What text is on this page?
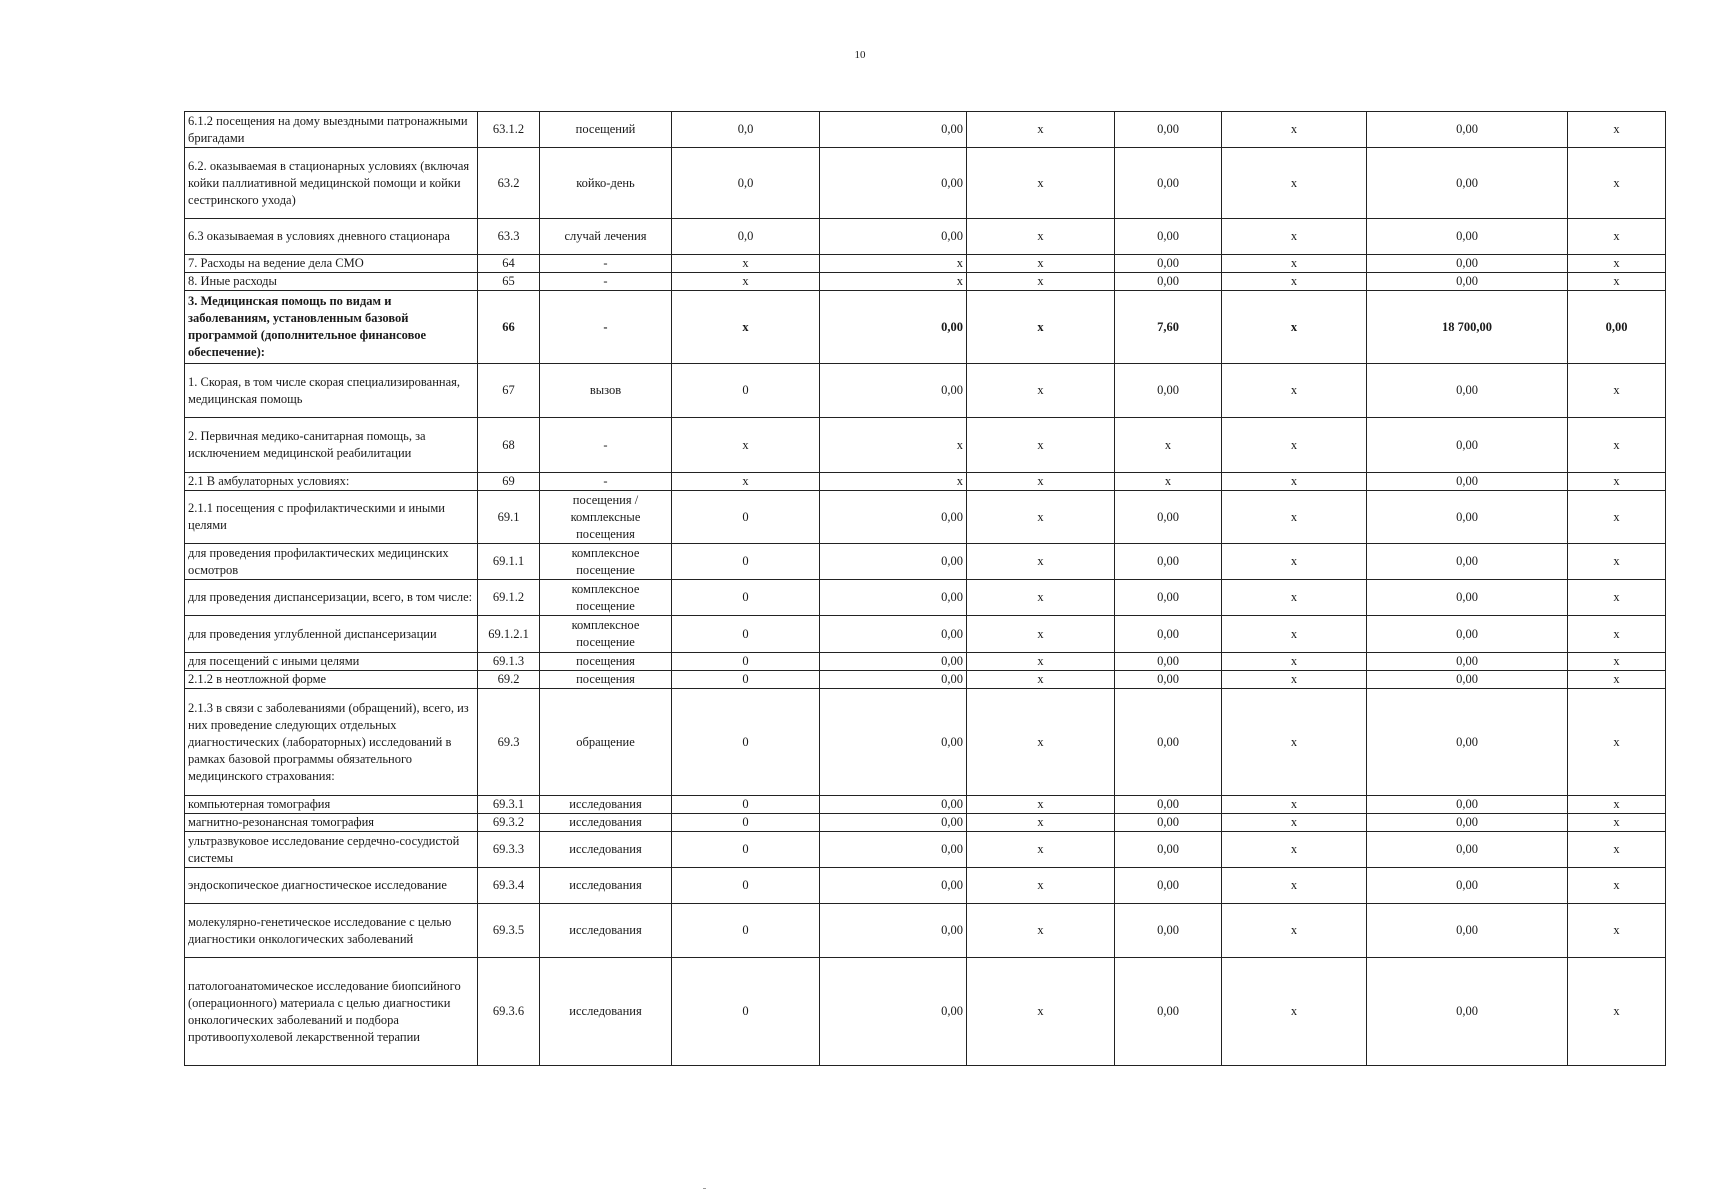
10
6.1.2 посещения на дому выездными патронажными бригадами	63.1.2	посещений	0,0	0,00	х	0,00	х	0,00	х
6.2. оказываемая в стационарных условиях (включая койки паллиативной медицинской помощи и койки сестринского ухода)	63.2	койко-день	0,0	0,00	х	0,00	х	0,00	х
6.3 оказываемая в условиях дневного стационара	63.3	случай лечения	0,0	0,00	х	0,00	х	0,00	х
7. Расходы на ведение дела СМО	64	-	х	х	х	0,00	х	0,00	х
8. Иные расходы	65	-	х	х	х	0,00	х	0,00	х
3. Медицинская помощь по видам и заболеваниям, установленным базовой программой (дополнительное финансовое обеспечение):	66	-	х	0,00	х	7,60	х	18 700,00	0,00
1. Скорая, в том числе скорая специализированная, медицинская помощь	67	вызов	0	0,00	х	0,00	х	0,00	х
2. Первичная медико-санитарная помощь, за исключением медицинской реабилитации	68	-	х	х	х	х	х	0,00	х
2.1 В амбулаторных условиях:	69	-	х	х	х	х	х	0,00	х
2.1.1 посещения с профилактическими и иными целями	69.1	посещения / комплексные посещения	0	0,00	х	0,00	х	0,00	х
для проведения профилактических медицинских осмотров	69.1.1	комплексное посещение	0	0,00	х	0,00	х	0,00	х
для проведения диспансеризации, всего, в том числе:	69.1.2	комплексное посещение	0	0,00	х	0,00	х	0,00	х
для проведения углубленной диспансеризации	69.1.2.1	комплексное посещение	0	0,00	х	0,00	х	0,00	х
для посещений с иными целями	69.1.3	посещения	0	0,00	х	0,00	х	0,00	х
2.1.2 в неотложной форме	69.2	посещения	0	0,00	х	0,00	х	0,00	х
2.1.3 в связи с заболеваниями (обращений), всего, из них проведение следующих отдельных диагностических (лабораторных) исследований в рамках базовой программы обязательного медицинского страхования:	69.3	обращение	0	0,00	х	0,00	х	0,00	х
компьютерная томография	69.3.1	исследования	0	0,00	х	0,00	х	0,00	х
магнитно-резонансная томография	69.3.2	исследования	0	0,00	х	0,00	х	0,00	х
ультразвуковое исследование сердечно-сосудистой системы	69.3.3	исследования	0	0,00	х	0,00	х	0,00	х
эндоскопическое диагностическое исследование	69.3.4	исследования	0	0,00	х	0,00	х	0,00	х
молекулярно-генетическое исследование с целью диагностики онкологических заболеваний	69.3.5	исследования	0	0,00	х	0,00	х	0,00	х
патологоанатомическое исследование биопсийного (операционного) материала с целью диагностики онкологических заболеваний и подбора противоопухолевой лекарственной терапии	69.3.6	исследования	0	0,00	х	0,00	х	0,00	х
